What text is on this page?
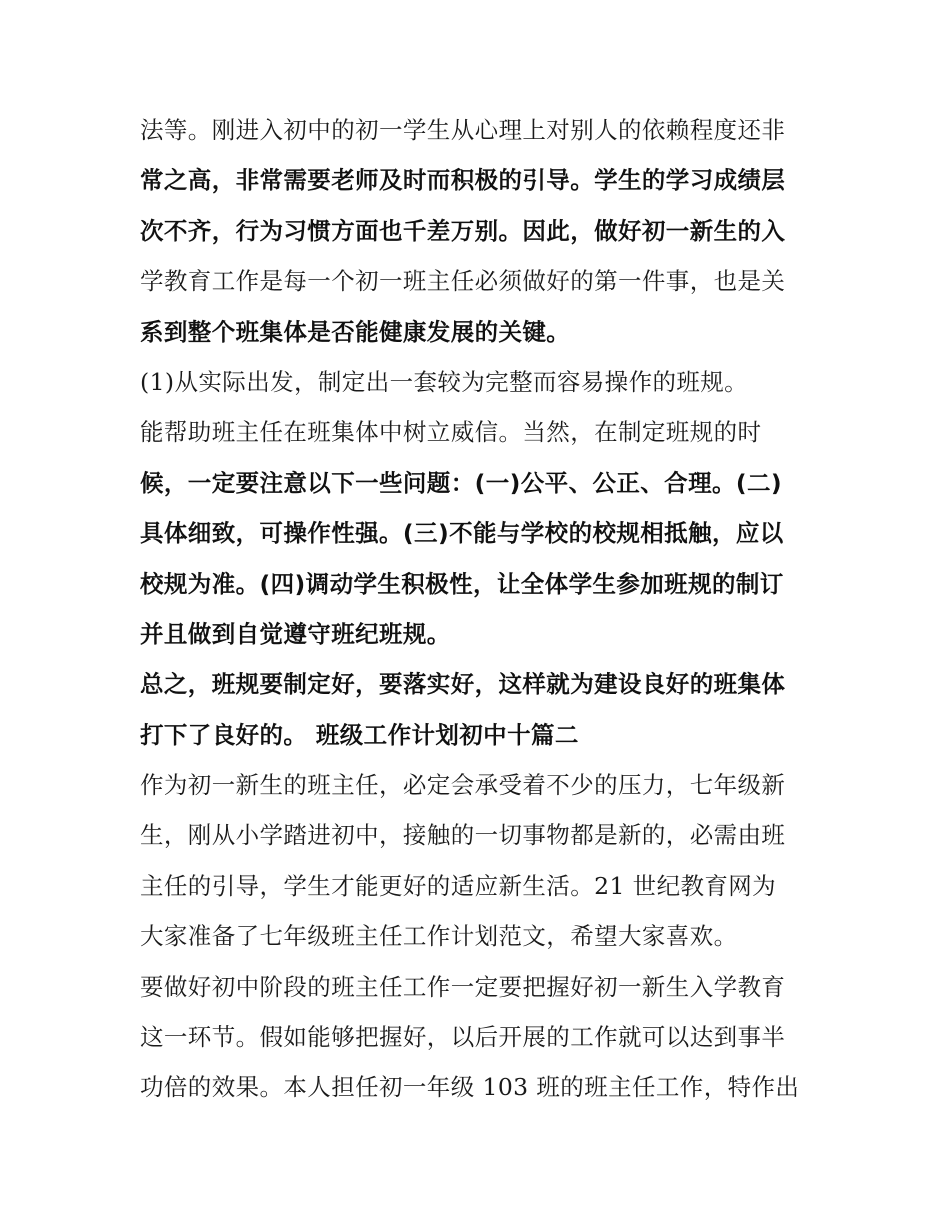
法等。刚进入初中的初一学生从心理上对别人的依赖程度还非
常之高，非常需要老师及时而积极的引导。学生的学习成绩层
次不齐，行为习惯方面也千差万别。因此，做好初一新生的入
学教育工作是每一个初一班主任必须做好的第一件事，也是关
系到整个班集体是否能健康发展的关键。
(1)从实际出发，制定出一套较为完整而容易操作的班规。
能帮助班主任在班集体中树立威信。当然，在制定班规的时
候，一定要注意以下一些问题：(一)公平、公正、合理。(二)
具体细致，可操作性强。(三)不能与学校的校规相抵触，应以
校规为准。(四)调动学生积极性，让全体学生参加班规的制订
并且做到自觉遵守班纪班规。
总之，班规要制定好，要落实好，这样就为建设良好的班集体
打下了良好的。 班级工作计划初中十篇二
作为初一新生的班主任，必定会承受着不少的压力，七年级新
生，刚从小学踏进初中，接触的一切事物都是新的，必需由班
主任的引导，学生才能更好的适应新生活。21 世纪教育网为
大家准备了七年级班主任工作计划范文，希望大家喜欢。
要做好初中阶段的班主任工作一定要把握好初一新生入学教育
这一环节。假如能够把握好，以后开展的工作就可以达到事半
功倍的效果。本人担任初一年级 103 班的班主任工作，特作出
